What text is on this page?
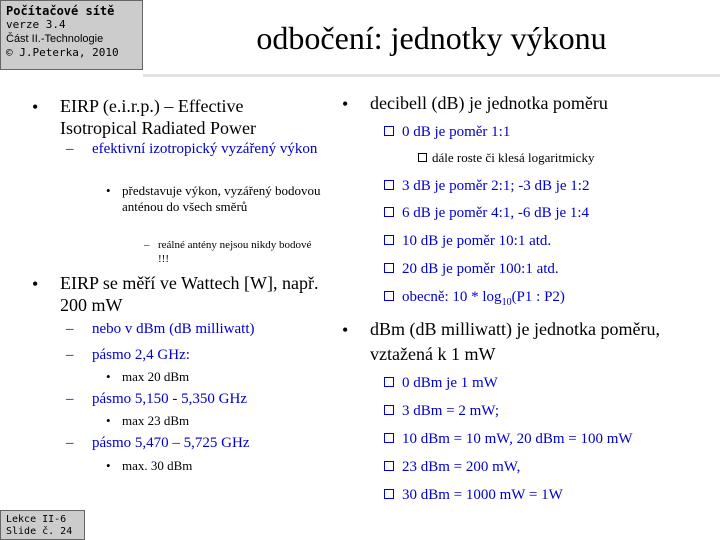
Počítačové sítě
verze 3.4
Část II.-Technologie
© J.Peterka, 2010	odbočení: jednotky výkonu
• EIRP (e.i.r.p.) – Effective Isotropical Radiated Power
– efektivní izotropický vyzářený výkon
• představuje výkon, vyzářený bodovou anténou do všech směrů
– reálné antény nejsou nikdy bodové !!!
• EIRP se měří ve Wattech [W], např. 200 mW
– nebo v dBm (dB milliwatt)
– pásmo 2,4 GHz:
• max 20 dBm
– pásmo 5,150 - 5,350 GHz
• max 23 dBm
– pásmo 5,470 – 5,725 GHz
• max. 30 dBm
• decibell (dB) je jednotka poměru
0 dB je poměr 1:1
dále roste či klesá logaritmicky
3 dB je poměr 2:1; -3 dB je 1:2
6 dB je poměr 4:1, -6 dB je 1:4
10 dB je poměr 10:1 atd.
20 dB je poměr 100:1 atd.
obecně: $10 * \log_{10}(P1$ : P2)
• dBm (dB milliwatt) je jednotka poměru, vztažená k 1 mW
0 dBm je 1 mW
3 dBm = 2 mW;
10 dBm = 10 mW, 20 dBm = 100 mW
23 dBm = 200 mW,
30 dBm = 1000 mW = 1W
Lekce II-6
Slide č. 24
